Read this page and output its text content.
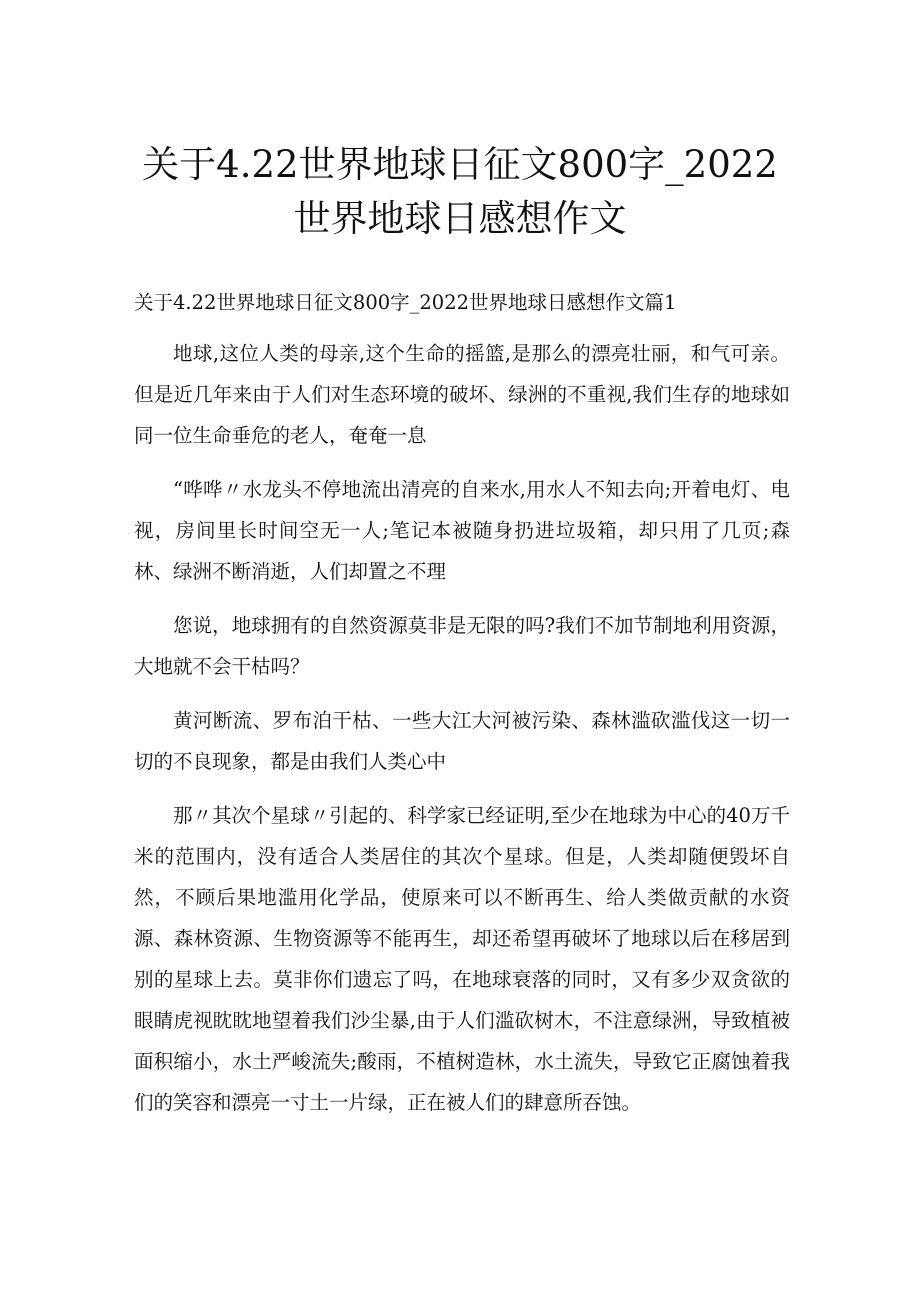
关于4.22世界地球日征文800字_2022世界地球日感想作文

关于4.22世界地球日征文800字_2022世界地球日感想作文篇1

地球,这位人类的母亲,这个生命的摇篮,是那么的漂亮壮丽，和气可亲。但是近几年来由于人们对生态环境的破坏、绿洲的不重视,我们生存的地球如同一位生命垂危的老人，奄奄一息

“哗哗〃水龙头不停地流出清亮的自来水,用水人不知去向;开着电灯、电视，房间里长时间空无一人;笔记本被随身扔进垃圾箱，却只用了几页;森林、绿洲不断消逝，人们却置之不理

您说，地球拥有的自然资源莫非是无限的吗?我们不加节制地利用资源，大地就不会干枯吗？

黄河断流、罗布泊干枯、一些大江大河被污染、森林滥砍滥伐这一切一切的不良现象，都是由我们人类心中

那〃其次个星球〃引起的、科学家已经证明,至少在地球为中心的40万千米的范围内，没有适合人类居住的其次个星球。但是，人类却随便毁坏自然，不顾后果地滥用化学品，使原来可以不断再生、给人类做贡献的水资源、森林资源、生物资源等不能再生，却还希望再破坏了地球以后在移居到别的星球上去。莫非你们遗忘了吗，在地球衰落的同时，又有多少双贪欲的眼睛虎视眈眈地望着我们沙尘暴,由于人们滥砍树木，不注意绿洲，导致植被面积缩小，水土严峻流失;酸雨，不植树造林，水土流失，导致它正腐蚀着我们的笑容和漂亮一寸土一片绿，正在被人们的肆意所吞蚀。
